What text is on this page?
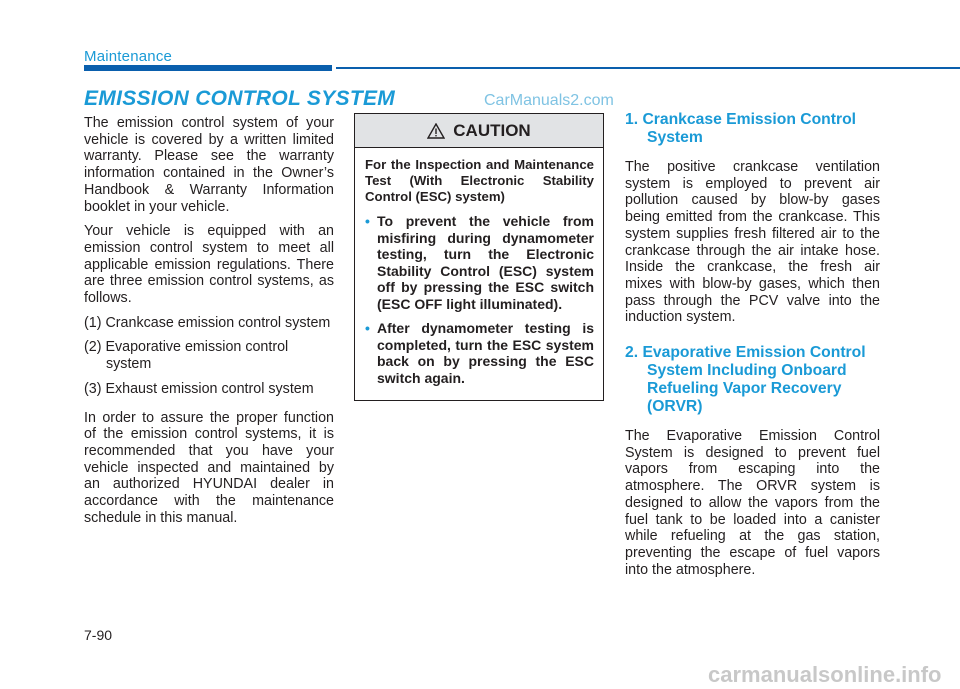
Maintenance
EMISSION CONTROL SYSTEM	CarManuals2.com

The emission control system of your vehicle is covered by a written limited warranty. Please see the warranty information contained in the Owner’s Handbook & Warranty Information booklet in your vehicle.

Your vehicle is equipped with an emission control system to meet all applicable emission regulations. There are three emission control systems, as follows.

(1) Crankcase emission control system
(2) Evaporative emission control system
(3) Exhaust emission control system

In order to assure the proper function of the emission control systems, it is recommended that you have your vehicle inspected and maintained by an authorized HYUNDAI dealer in accordance with the maintenance schedule in this manual.

CAUTION

For the Inspection and Maintenance Test (With Electronic Stability Control (ESC) system)

• To prevent the vehicle from misfiring during dynamometer testing, turn the Electronic Stability Control (ESC) system off by pressing the ESC switch (ESC OFF light illuminated).
• After dynamometer testing is completed, turn the ESC system back on by pressing the ESC switch again.
1. Crankcase Emission Control System

The positive crankcase ventilation system is employed to prevent air pollution caused by blow-by gases being emitted from the crankcase. This system supplies fresh filtered air to the crankcase through the air intake hose. Inside the crankcase, the fresh air mixes with blow-by gases, which then pass through the PCV valve into the induction system.

2. Evaporative Emission Control System Including Onboard Refueling Vapor Recovery (ORVR)

The Evaporative Emission Control System is designed to prevent fuel vapors from escaping into the atmosphere. The ORVR system is designed to allow the vapors from the fuel tank to be loaded into a canister while refueling at the gas station, preventing the escape of fuel vapors into the atmosphere.

7-90
carmanualsonline.info
